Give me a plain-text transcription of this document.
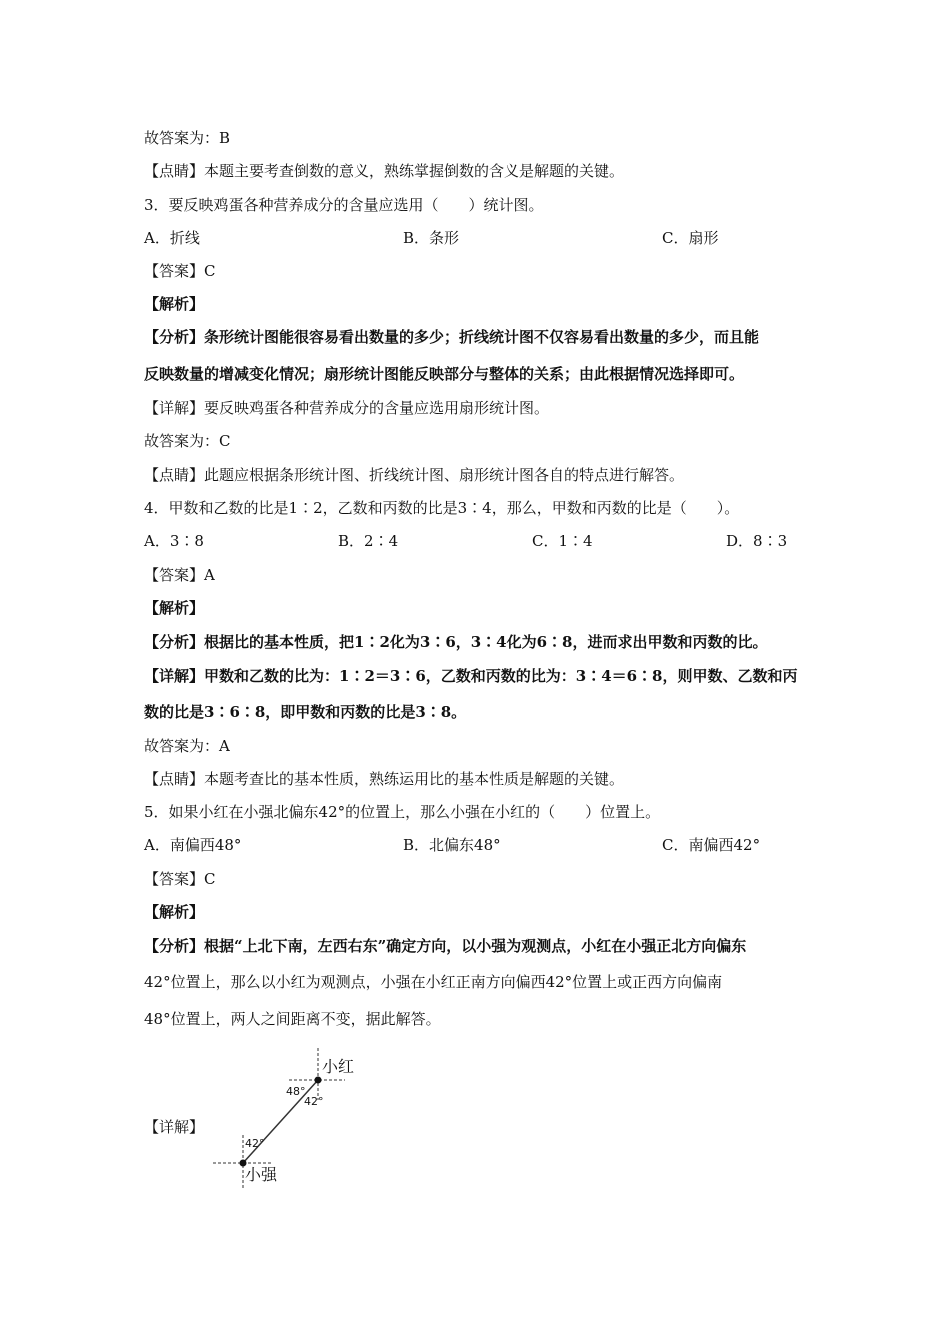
故答案为：B
【点睛】本题主要考查倒数的意义，熟练掌握倒数的含义是解题的关键。
3．要反映鸡蛋各种营养成分的含量应选用（　　）统计图。
A．折线	B．条形	C．扇形
【答案】C
【解析】
【分析】条形统计图能很容易看出数量的多少；折线统计图不仅容易看出数量的多少，而且能
反映数量的增减变化情况；扇形统计图能反映部分与整体的关系；由此根据情况选择即可。
【详解】要反映鸡蛋各种营养成分的含量应选用扇形统计图。
故答案为：C
【点睛】此题应根据条形统计图、折线统计图、扇形统计图各自的特点进行解答。
4．甲数和乙数的比是1∶2，乙数和丙数的比是3∶4，那么，甲数和丙数的比是（　　）。
A．3∶8	B．2∶4	C．1∶4	D．8∶3
【答案】A
【解析】
【分析】根据比的基本性质，把1∶2化为3∶6，3∶4化为6∶8，进而求出甲数和丙数的比。
【详解】甲数和乙数的比为：1∶2＝3∶6，乙数和丙数的比为：3∶4＝6∶8，则甲数、乙数和丙
数的比是3∶6∶8，即甲数和丙数的比是3∶8。
故答案为：A
【点睛】本题考查比的基本性质，熟练运用比的基本性质是解题的关键。
5．如果小红在小强北偏东42°的位置上，那么小强在小红的（　　）位置上。
A．南偏西48°	B．北偏东48°	C．南偏西42°
【答案】C
【解析】
【分析】根据“上北下南，左西右东”确定方向，以小强为观测点，小红在小强正北方向偏东
42°位置上，那么以小红为观测点，小强在小红正南方向偏西42°位置上或正西方向偏南
48°位置上，两人之间距离不变，据此解答。
【详解】
小红
小强
48°
42°
42°
